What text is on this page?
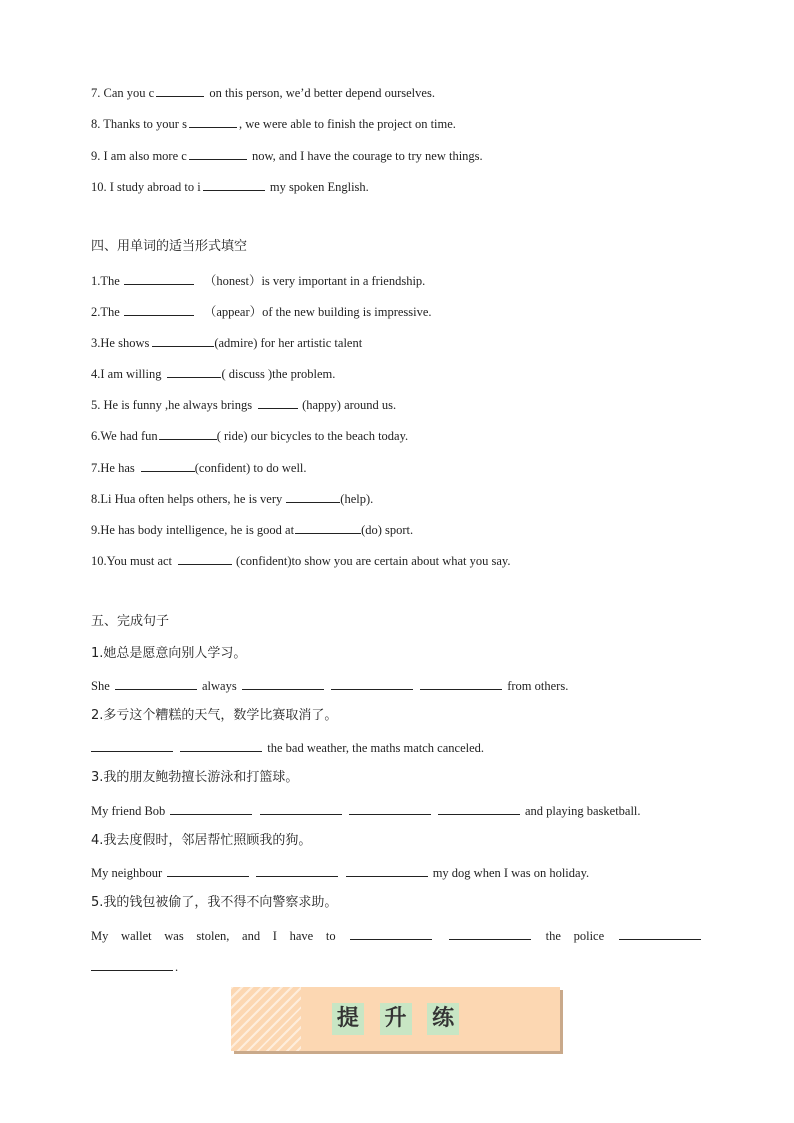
7. Can you c	on this person, we’d better depend ourselves.
8. Thanks to your s	, we were able to finish the project on time.
9. I am also more c	now, and I have the courage to try new things.
10. I study abroad to i	my spoken English.
四、用单词的适当形式填空
1.The	（honest）is very important in a friendship.
2.The	（appear）of the new building is impressive.
3.He shows	(admire) for her artistic talent
4.I am willing	( discuss )the problem.
5. He is funny ,he always brings	(happy) around us.
6.We had fun	( ride) our bicycles to the beach today.
7.He has	(confident) to do well.
8.Li Hua often helps others, he is very	(help).
9.He has body intelligence, he is good at	(do) sport.
10.You must act	(confident)to show you are certain about what you say.
五、完成句子
1.她总是愿意向别人学习。
She	always	from others.
2.多亏这个糟糕的天气，数学比赛取消了。
the bad weather, the maths match canceled.
3.我的朋友鲍勃擅长游泳和打篮球。
My friend Bob	and playing basketball.
4.我去度假时，邻居帮忙照顾我的狗。
My neighbour	my dog when I was on holiday.
5.我的钱包被偷了，我不得不向警察求助。
My wallet was stolen, and I have to	the police
.
提 升 练
